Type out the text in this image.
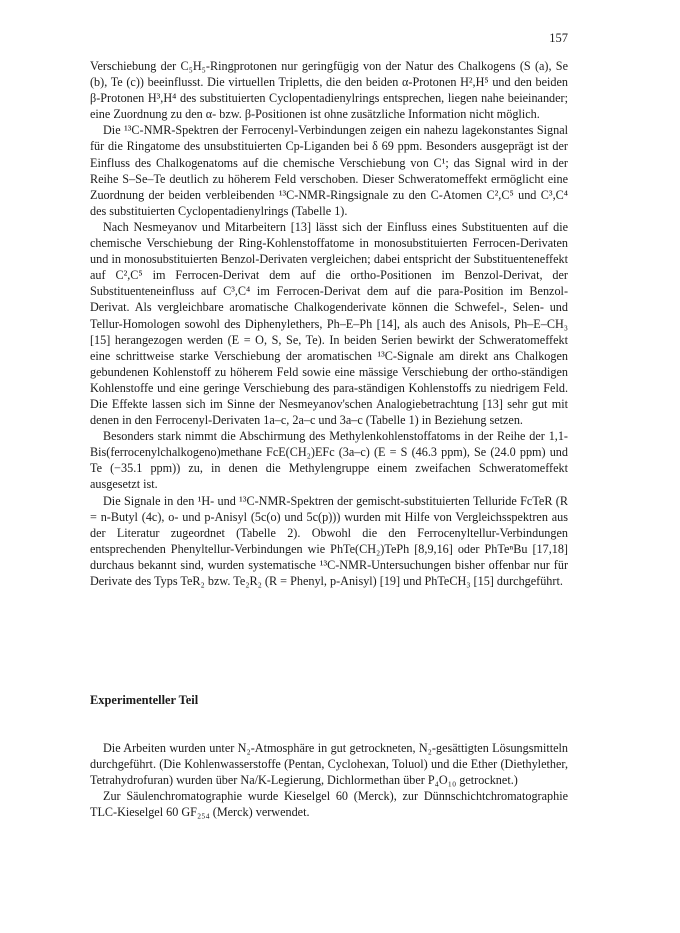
157

Verschiebung der C₅H₅-Ringprotonen nur geringfügig von der Natur des Chalkogens (S (a), Se (b), Te (c)) beeinflusst. Die virtuellen Tripletts, die den beiden α-Protonen H²,H⁵ und den beiden β-Protonen H³,H⁴ des substituierten Cyclopentadienylrings entsprechen, liegen nahe beieinander; eine Zuordnung zu den α- bzw. β-Positionen ist ohne zusätzliche Information nicht möglich.

Die ¹³C-NMR-Spektren der Ferrocenyl-Verbindungen zeigen ein nahezu lagekonstantes Signal für die Ringatome des unsubstituierten Cp-Liganden bei δ 69 ppm. Besonders ausgeprägt ist der Einfluss des Chalkogenatoms auf die chemische Verschiebung von C¹; das Signal wird in der Reihe S–Se–Te deutlich zu höherem Feld verschoben. Dieser Schweratomeffekt ermöglicht eine Zuordnung der beiden verbleibenden ¹³C-NMR-Ringsignale zu den C-Atomen C²,C⁵ und C³,C⁴ des substituierten Cyclopentadienylrings (Tabelle 1).

Nach Nesmeyanov und Mitarbeitern [13] lässt sich der Einfluss eines Substituenten auf die chemische Verschiebung der Ring-Kohlenstoffatome in monosubstituierten Ferrocen-Derivaten und in monosubstituierten Benzol-Derivaten vergleichen; dabei entspricht der Substituenteneffekt auf C²,C⁵ im Ferrocen-Derivat dem auf die ortho-Positionen im Benzol-Derivat, der Substituenteneinfluss auf C³,C⁴ im Ferrocen-Derivat dem auf die para-Position im Benzol-Derivat. Als vergleichbare aromatische Chalkogenderivate können die Schwefel-, Selen- und Tellur-Homologen sowohl des Diphenylethers, Ph–E–Ph [14], als auch des Anisols, Ph–E–CH₃ [15] herangezogen werden (E = O, S, Se, Te). In beiden Serien bewirkt der Schweratomeffekt eine schrittweise starke Verschiebung der aromatischen ¹³C-Signale am direkt ans Chalkogen gebundenen Kohlenstoff zu höherem Feld sowie eine mässige Verschiebung der ortho-ständigen Kohlenstoffe und eine geringe Verschiebung des para-ständigen Kohlenstoffs zu niedrigem Feld. Die Effekte lassen sich im Sinne der Nesmeyanov'schen Analogiebetrachtung [13] sehr gut mit denen in den Ferrocenyl-Derivaten 1a–c, 2a–c und 3a–c (Tabelle 1) in Beziehung setzen.

Besonders stark nimmt die Abschirmung des Methylenkohlenstoffatoms in der Reihe der 1,1-Bis(ferrocenylchalkogeno)methane FcE(CH₂)EFc (3a–c) (E = S (46.3 ppm), Se (24.0 ppm) und Te (−35.1 ppm)) zu, in denen die Methylengruppe einem zweifachen Schweratomeffekt ausgesetzt ist.

Die Signale in den ¹H- und ¹³C-NMR-Spektren der gemischt-substituierten Telluride FcTeR (R = n-Butyl (4c), o- und p-Anisyl (5c(o) und 5c(p))) wurden mit Hilfe von Vergleichsspektren aus der Literatur zugeordnet (Tabelle 2). Obwohl die den Ferrocenyltellur-Verbindungen entsprechenden Phenyltellur-Verbindungen wie PhTe(CH₂)TePh [8,9,16] oder PhTeⁿBu [17,18] durchaus bekannt sind, wurden systematische ¹³C-NMR-Untersuchungen bisher offenbar nur für Derivate des Typs TeR₂ bzw. Te₂R₂ (R = Phenyl, p-Anisyl) [19] und PhTeCH₃ [15] durchgeführt.

Experimenteller Teil

Die Arbeiten wurden unter N₂-Atmosphäre in gut getrockneten, N₂-gesättigten Lösungsmitteln durchgeführt. (Die Kohlenwasserstoffe (Pentan, Cyclohexan, Toluol) und die Ether (Diethylether, Tetrahydrofuran) wurden über Na/K-Legierung, Dichlormethan über P₄O₁₀ getrocknet.)

Zur Säulenchromatographie wurde Kieselgel 60 (Merck), zur Dünnschichtchromatographie TLC-Kieselgel 60 GF₂₅₄ (Merck) verwendet.
